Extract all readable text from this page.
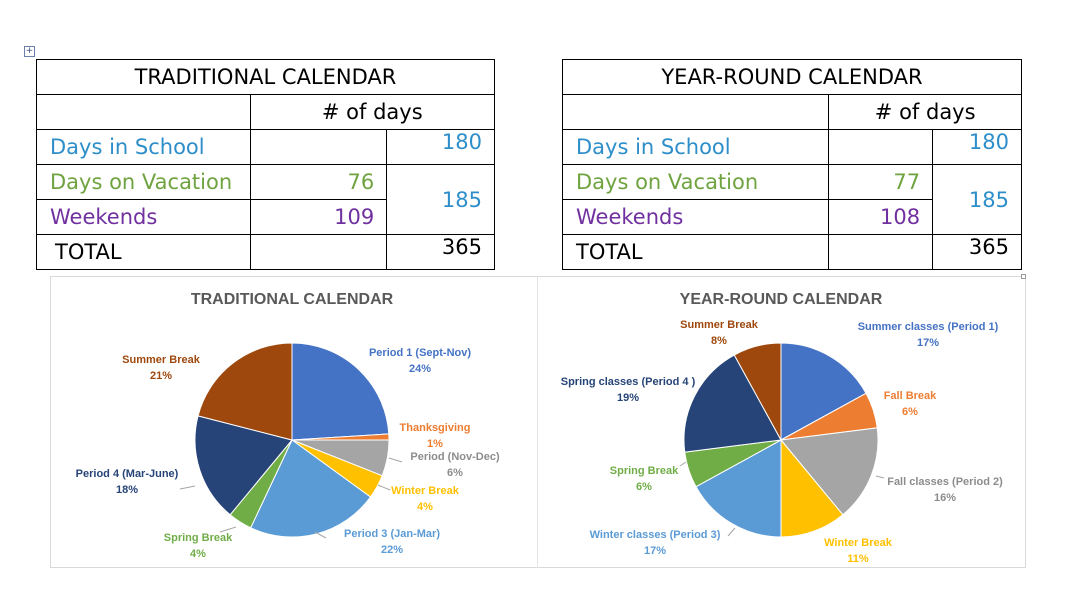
+
TRADITIONAL CALENDAR		
	# of days	
Days in School		180
Days on Vacation	76	185
Weekends	109	
TOTAL		365
YEAR-ROUND CALENDAR		
	# of days	
Days in School		180
Days on Vacation	77	185
Weekends	108	
TOTAL		365
TRADITIONAL CALENDAR	YEAR-ROUND CALENDAR
Period 1 (Sept-Nov)
24%
Thanksgiving
1%
Period (Nov-Dec)
6%
Winter Break
4%
Period 3 (Jan-Mar)
22%
Spring Break
4%
Period 4 (Mar-June)
18%
Summer Break
21%
Summer classes (Period 1)
17%
Fall Break
6%
Fall classes (Period 2)
16%
Winter Break
11%
Winter classes (Period 3)
17%
Spring Break
6%
Spring classes (Period 4 )
19%
Summer Break
8%
